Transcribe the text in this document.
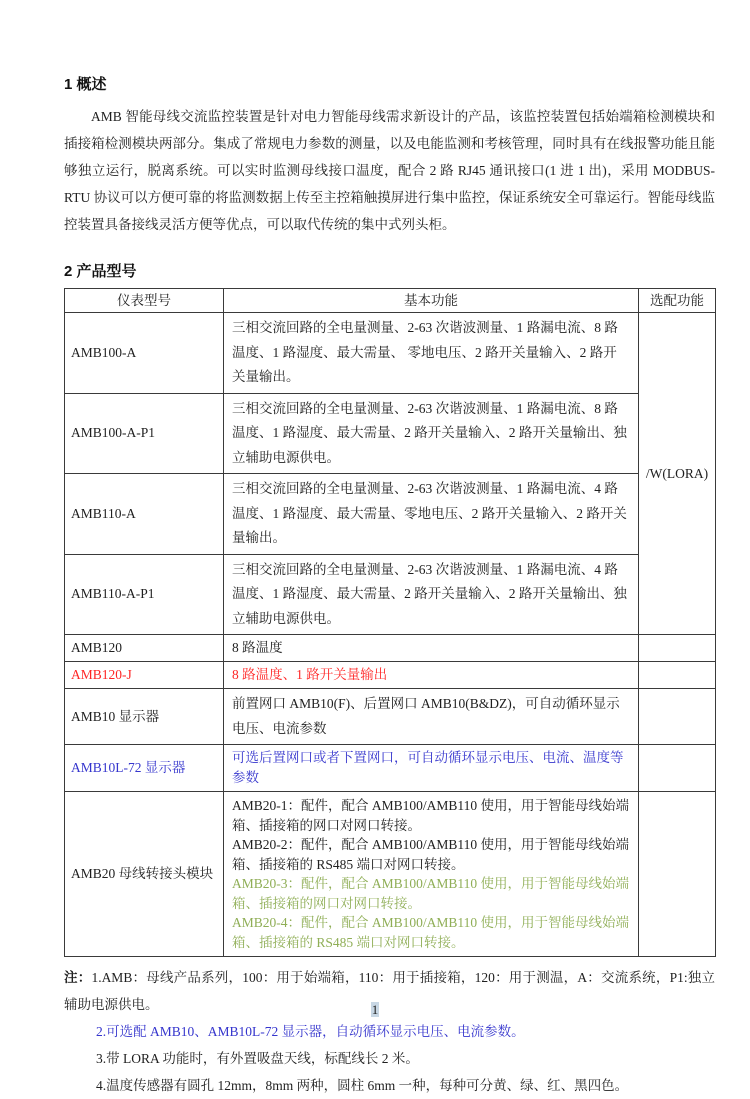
1 概述
AMB 智能母线交流监控装置是针对电力智能母线需求新设计的产品，该监控装置包括始端箱检测模块和插接箱检测模块两部分。集成了常规电力参数的测量，以及电能监测和考核管理，同时具有在线报警功能且能够独立运行，脱离系统。可以实时监测母线接口温度，配合 2 路 RJ45 通讯接口(1 进 1 出)，采用 MODBUS-RTU 协议可以方便可靠的将监测数据上传至主控箱触摸屏进行集中监控，保证系统安全可靠运行。智能母线监控装置具备接线灵活方便等优点，可以取代传统的集中式列头柜。
2 产品型号
仪表型号	基本功能	选配功能
AMB100-A	三相交流回路的全电量测量、2-63 次谐波测量、1 路漏电流、8 路温度、1 路湿度、最大需量、 零地电压、2 路开关量输入、2 路开关量输出。	/W(LORA)
AMB100-A-P1	三相交流回路的全电量测量、2-63 次谐波测量、1 路漏电流、8 路温度、1 路湿度、最大需量、2 路开关量输入、2 路开关量输出、独立辅助电源供电。	
AMB110-A	三相交流回路的全电量测量、2-63 次谐波测量、1 路漏电流、4 路温度、1 路湿度、最大需量、零地电压、2 路开关量输入、2 路开关量输出。	
AMB110-A-P1	三相交流回路的全电量测量、2-63 次谐波测量、1 路漏电流、4 路温度、1 路湿度、最大需量、2 路开关量输入、2 路开关量输出、独立辅助电源供电。	
AMB120	8 路温度	
AMB120-J	8 路温度、1 路开关量输出	
AMB10 显示器	前置网口 AMB10(F)、后置网口 AMB10(B&DZ)，可自动循环显示电压、电流参数	
AMB10L-72 显示器	可选后置网口或者下置网口，可自动循环显示电压、电流、温度等参数	
AMB20 母线转接头模块	AMB20-1：配件，配合 AMB100/AMB110 使用，用于智能母线始端箱、插接箱的网口对网口转接。
AMB20-2：配件，配合 AMB100/AMB110 使用，用于智能母线始端箱、插接箱的 RS485 端口对网口转接。
AMB20-3：配件，配合 AMB100/AMB110 使用，用于智能母线始端箱、插接箱的网口对网口转接。
AMB20-4：配件，配合 AMB100/AMB110 使用，用于智能母线始端箱、插接箱的 RS485 端口对网口转接。	

注：1.AMB：母线产品系列，100：用于始端箱，110：用于插接箱，120：用于测温，A：交流系统，P1:独立辅助电源供电。
2.可选配 AMB10、AMB10L-72 显示器，自动循环显示电压、电流参数。
3.带 LORA 功能时，有外置吸盘天线，标配线长 2 米。
4.温度传感器有圆孔 12mm，8mm 两种，圆柱 6mm 一种，每种可分黄、绿、红、黑四色。
1
